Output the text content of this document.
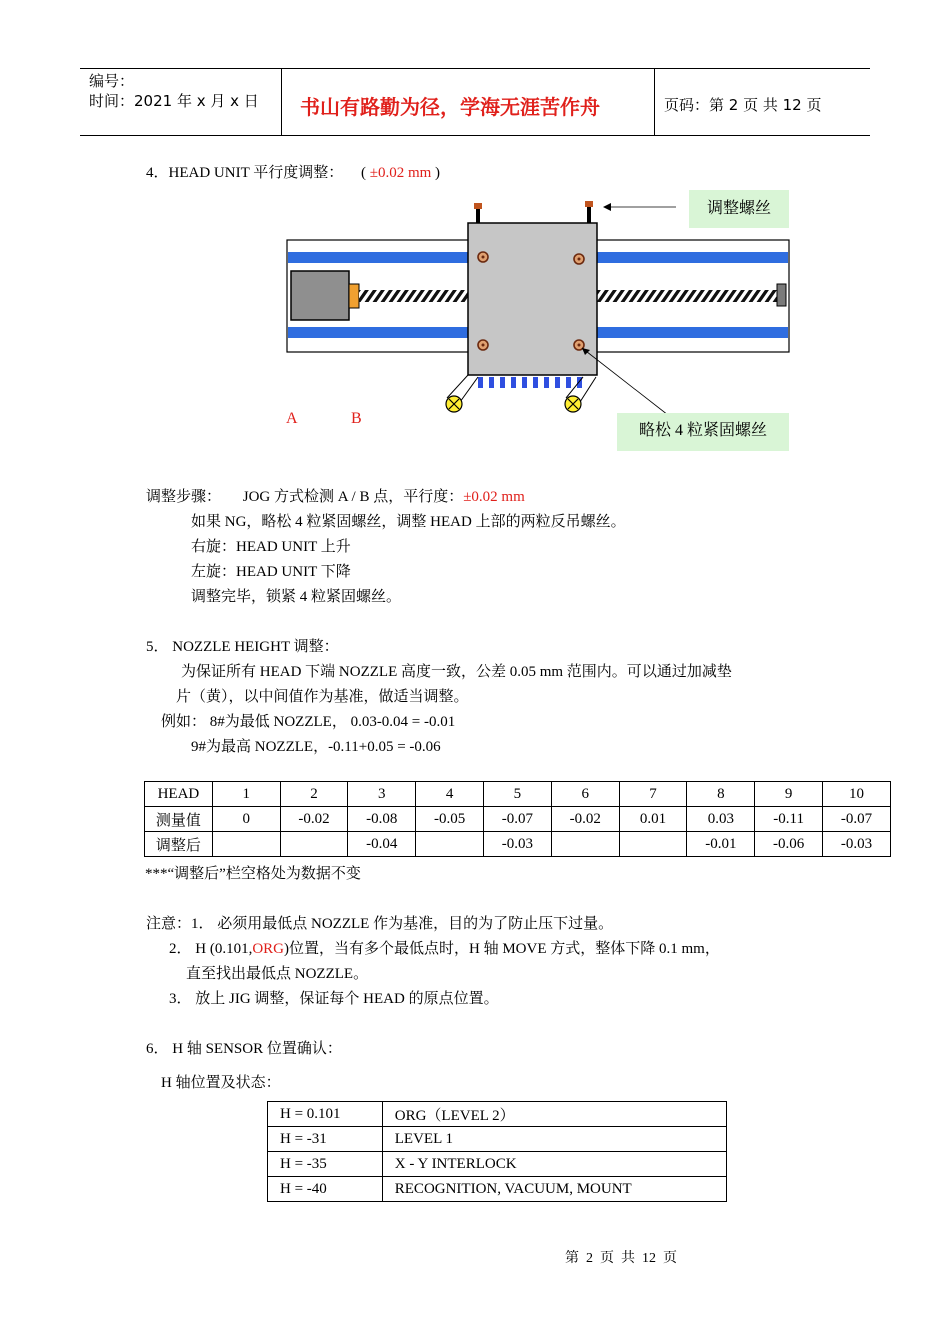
编号：
时间：2021 年 x 月 x 日 书山有路勤为径，学海无涯苦作舟	页码：第 2 页 共 12 页
4．HEAD UNIT 平行度调整： ( ±0.02 mm )
调整螺丝
略松 4 粒紧固螺丝
A	B
调整步骤： JOG 方式检测 A / B 点，平行度：±0.02 mm
如果 NG，略松 4 粒紧固螺丝，调整 HEAD 上部的两粒反吊螺丝。
右旋：HEAD UNIT 上升
左旋：HEAD UNIT 下降
调整完毕，锁紧 4 粒紧固螺丝。
5． NOZZLE HEIGHT 调整：
为保证所有 HEAD 下端 NOZZLE 高度一致，公差 0.05 mm 范围内。可以通过加减垫
片（黄），以中间值作为基准，做适当调整。
例如： 8#为最低 NOZZLE， 0.03-0.04 = -0.01
9#为最高 NOZZLE，-0.11+0.05 = -0.06
HEAD	1	2	3	4	5	6	7	8	9	10
测量值	0	-0.02	-0.08	-0.05	-0.07	-0.02	0.01	0.03	-0.11	-0.07
调整后			-0.04		-0.03			-0.01	-0.06	-0.03
***“调整后”栏空格处为数据不变
注意：1． 必须用最低点 NOZZLE 作为基准，目的为了防止压下过量。
2． H (0.101,ORG)位置，当有多个最低点时，H 轴 MOVE 方式，整体下降 0.1 mm，
直至找出最低点 NOZZLE。
3． 放上 JIG 调整，保证每个 HEAD 的原点位置。
6． H 轴 SENSOR 位置确认：
H 轴位置及状态：
H = 0.101	ORG（LEVEL 2）
H = -31	LEVEL 1
H = -35	X - Y INTERLOCK
H = -40	RECOGNITION, VACUUM, MOUNT
第  2  页  共  12  页
